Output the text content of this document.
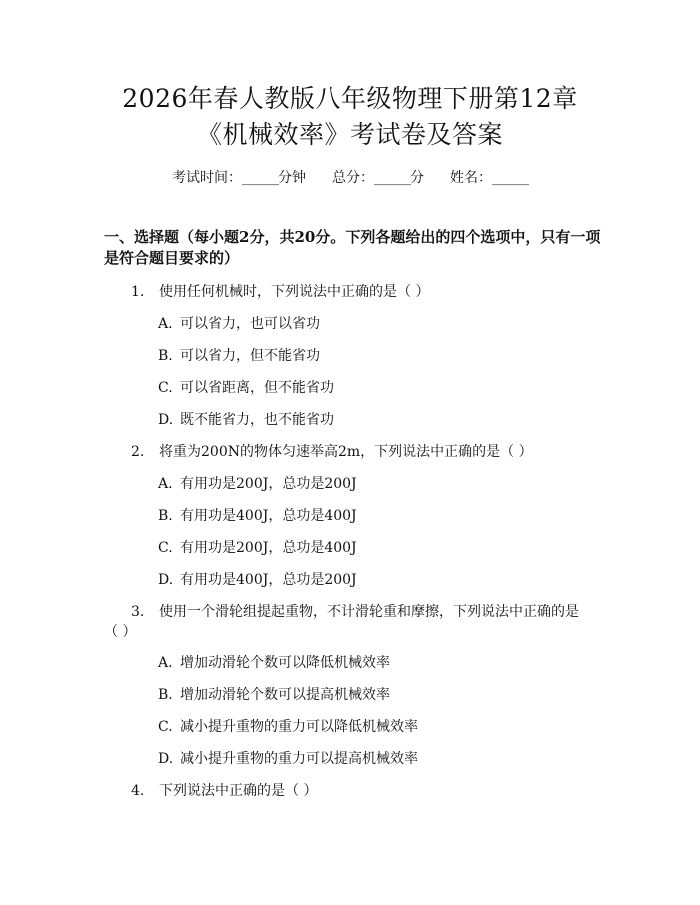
2026年春人教版八年级物理下册第12章
《机械效率》考试卷及答案
考试时间：______分钟 总分：______分 姓名：______
一、选择题（每小题2分，共20分。下列各题给出的四个选项中，只有一项是符合题目要求的）
1. 使用任何机械时，下列说法中正确的是（ ）
A. 可以省力，也可以省功
B. 可以省力，但不能省功
C. 可以省距离，但不能省功
D. 既不能省力，也不能省功
2. 将重为200N的物体匀速举高2m，下列说法中正确的是（ ）
A. 有用功是200J，总功是200J
B. 有用功是400J，总功是400J
C. 有用功是200J，总功是400J
D. 有用功是400J，总功是200J
3. 使用一个滑轮组提起重物，不计滑轮重和摩擦，下列说法中正确的是
（ ）
A. 增加动滑轮个数可以降低机械效率
B. 增加动滑轮个数可以提高机械效率
C. 减小提升重物的重力可以降低机械效率
D. 减小提升重物的重力可以提高机械效率
4. 下列说法中正确的是（ ）
